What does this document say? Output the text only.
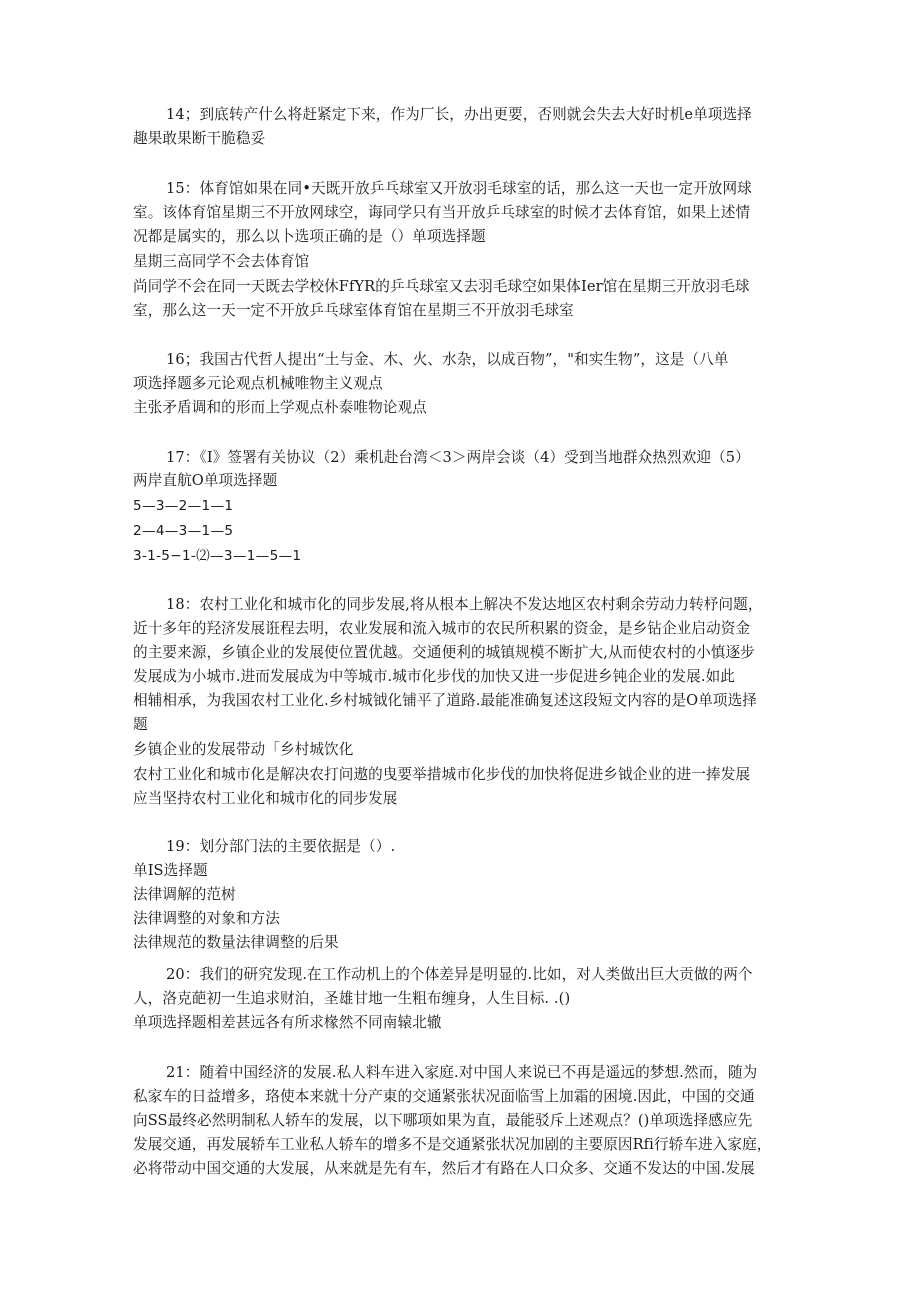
14；到底转产什么将赶紧定下来，作为厂长，办出更要，否则就会失去大好时机e单项选择
趣果敢果断干脆稳妥
15：体育馆如果在同•天既开放乒乓球室又开放羽毛球室的话，那么这一天也一定开放网球
室。该体育馆星期三不开放网球空，诲同学只有当开放乒乓球室的时候才去体育馆，如果上述情
况都是属实的，那么以卜选项正确的是（）单项选择题
星期三高同学不会去体育馆
尚同学不会在同一天既去学校休FfYR的乒乓球室又去羽毛球空如果体Ier馆在星期三开放羽毛球
室，那么这一天一定不开放乒乓球室体育馆在星期三不开放羽毛球室
16；我国古代哲人提出“土与金、木、火、水杂，以成百物”，"和实生物”，这是（八单
项选择题多元论观点机械唯物主义观点
主张矛盾调和的形而上学观点朴泰唯物论观点
17：《I》签署有关协议（2）乘机赴台湾＜3＞两岸会谈（4）受到当地群众热烈欢迎（5）
两岸直航O单项选择题
5—3—2—1—1
2—4—3—1—5
3-1-5−1-⑵—3—1—5—1
18：农村工业化和城市化的同步发展,将从根本上解决不发达地区农村剩余劳动力转杼问题，
近十多年的羟济发展诳程去明，农业发展和流入城市的农民所积累的资金，是乡钻企业启动资金
的主要来源，乡镇企业的发展使位置优越。交通便利的城镇规模不断扩大,从而使农村的小慎逐步
发展成为小城市.进而发展成为中等城市.城市化步伐的加快又进一步促进乡钝企业的发展.如此
相辅相承，为我国农村工业化.乡村城钺化铺平了道路.最能准确复述这段短文内容的是O单项选择
题
乡镇企业的发展带动「乡村城饮化
农村工业化和城市化是解决农打问遨的曳要举措城市化步伐的加快将促进乡钺企业的进一捧发展
应当坚持农村工业化和城市化的同步发展
19：划分部门法的主要依据是（）.
单IS选择题
法律调解的范树
法律调整的对象和方法
法律规范的数量法律调整的后果
20：我们的研究发现.在工作动机上的个体差异是明显的.比如，对人类做出巨大贡做的两个
人，洛克葩初一生追求财泊，圣雄甘地一生粗布缠身，人生目标. .()
单项选择题相差甚远各有所求椽然不同南辕北辙
21：随着中国经济的发展.私人料车进入家庭.对中国人来说已不再是遥远的梦想.然而，随为
私家车的日益增多，珞使本来就十分产東的交通紧张状况面临雪上加霜的困境.因此，中国的交通
向SS最终必然明制私人轿车的发展，以下哪项如果为直，最能驳斥上述观点？()单项选择感应先
发展交通，再发展轿车工业私人轿车的增多不是交通紧张状况加剧的主要原因Rfi行轿车进入家庭，
必将带动中国交通的大发展，从来就是先有车，然后才有路在人口众多、交通不发达的中国.发展
